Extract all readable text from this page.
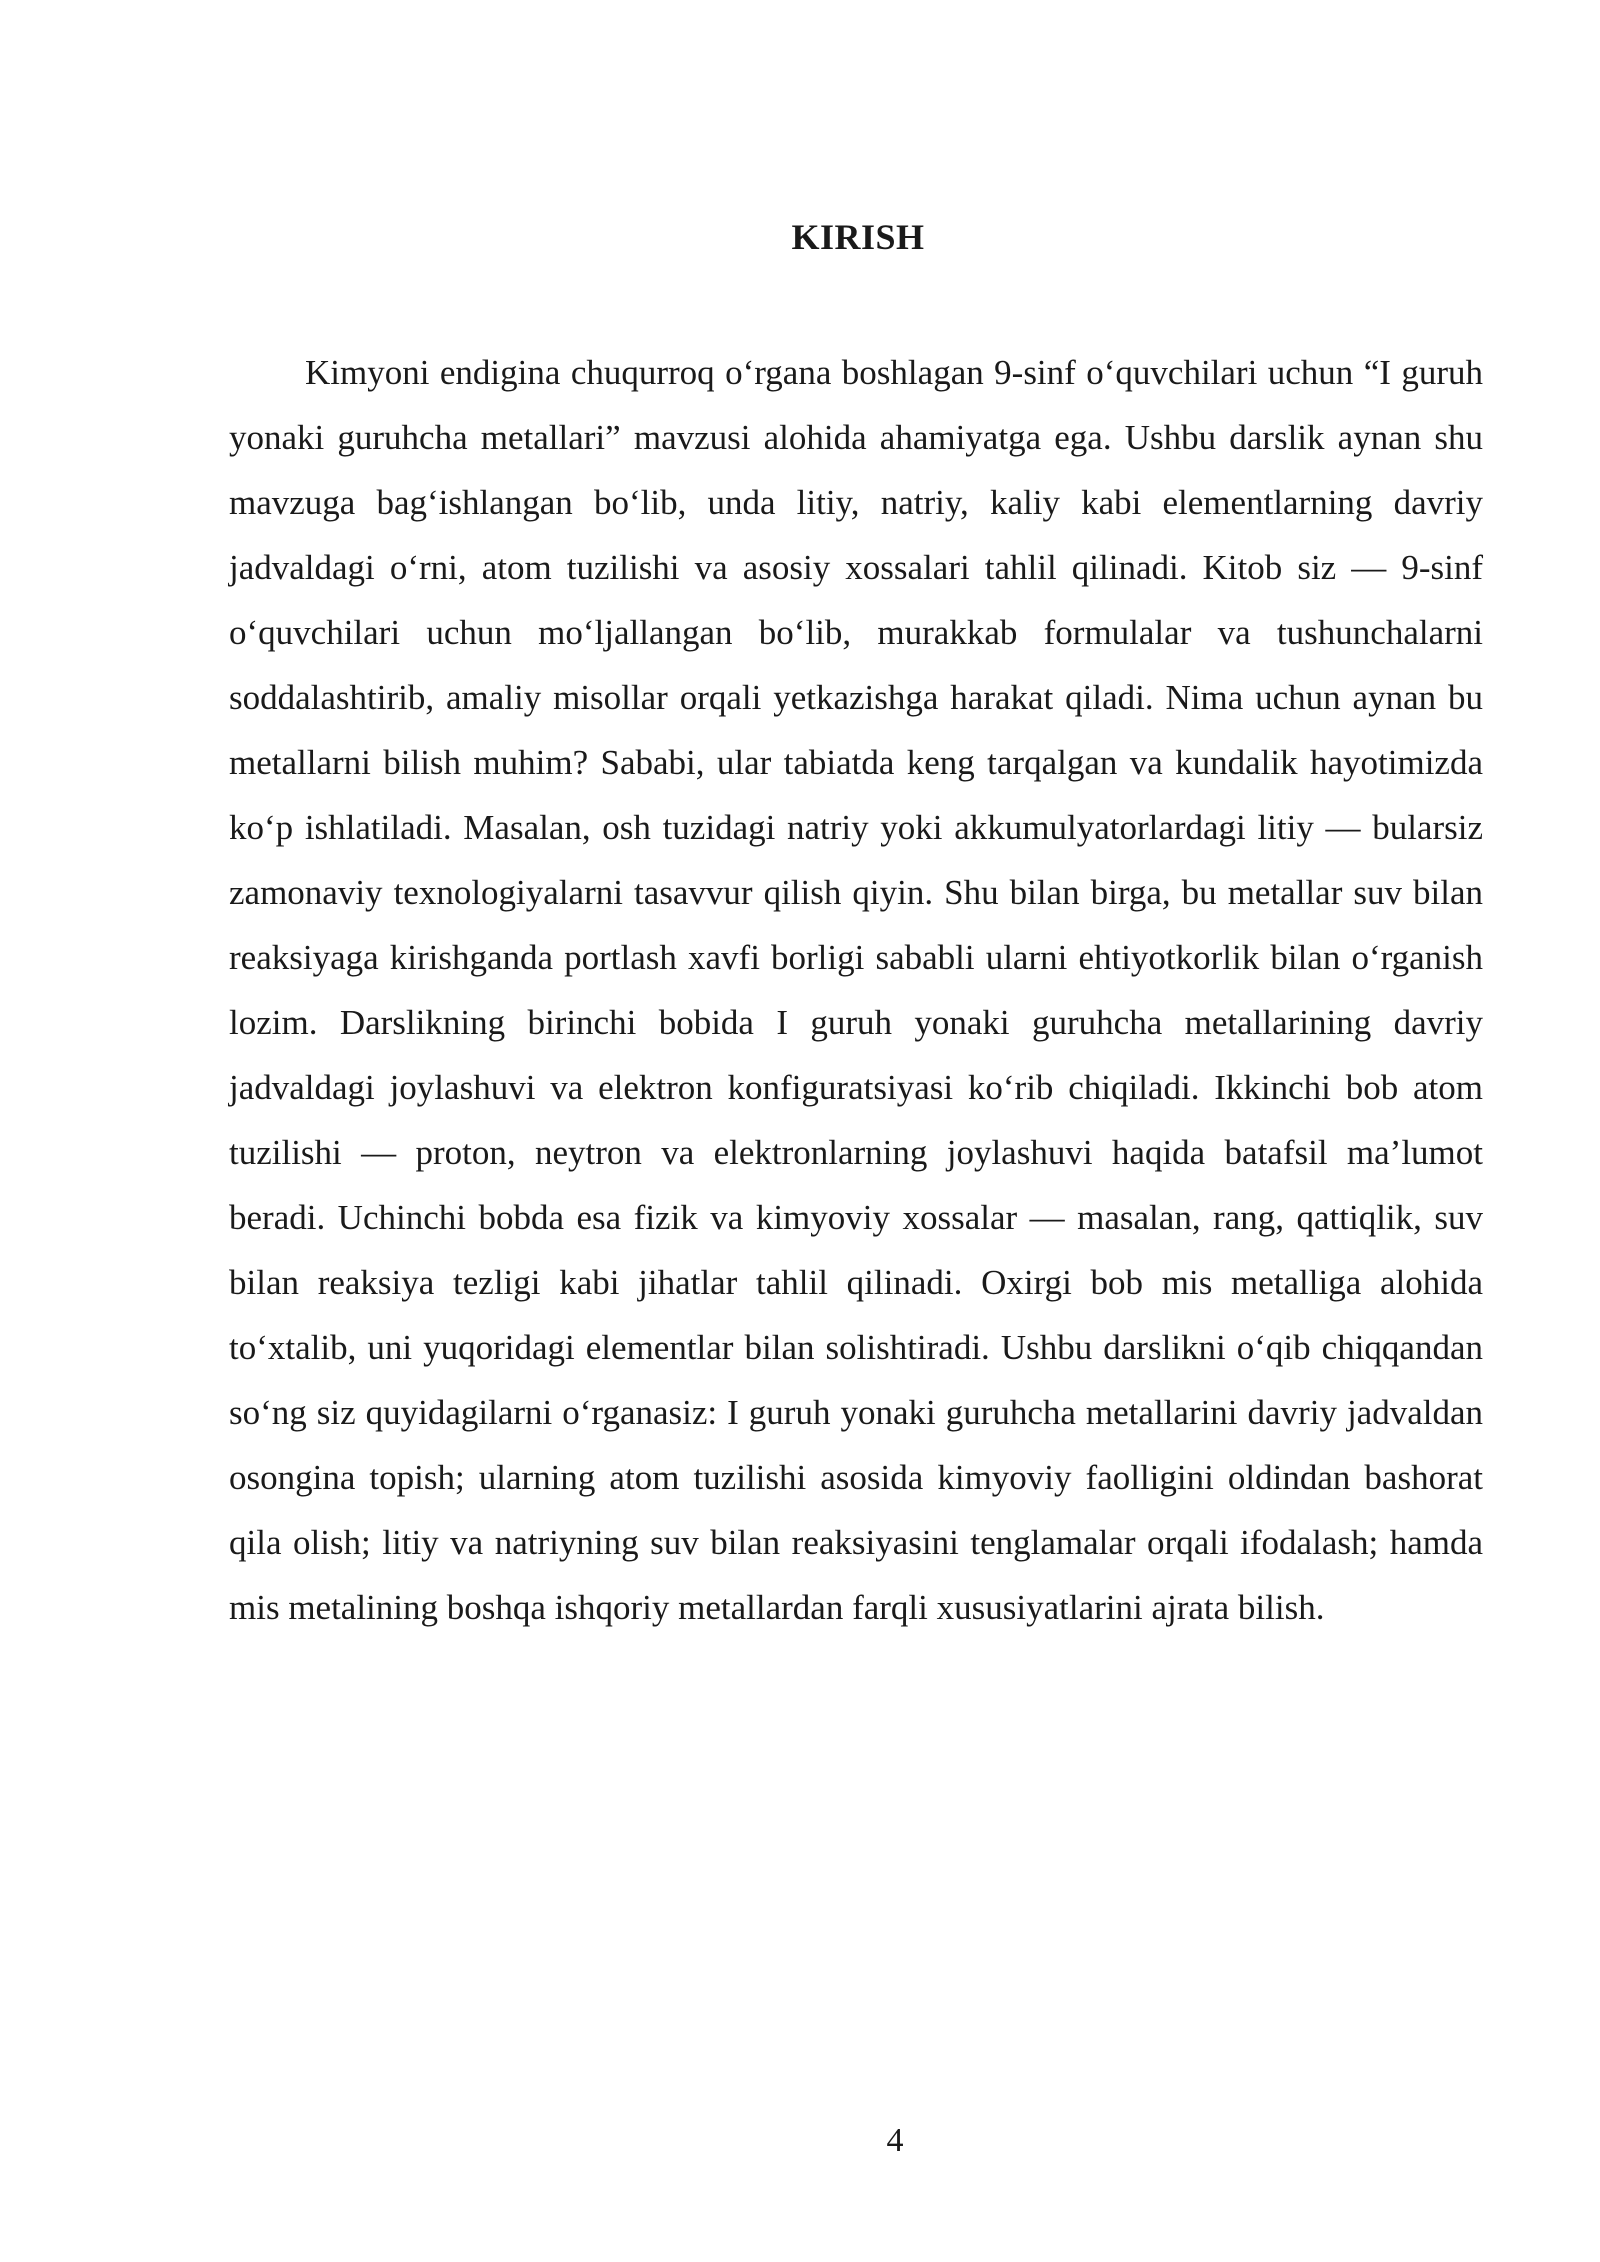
KIRISH

Kimyoni endigina chuqurroq o‘rgana boshlagan 9-sinf o‘quvchilari uchun “I guruh yonaki guruhcha metallari” mavzusi alohida ahamiyatga ega. Ushbu darslik aynan shu mavzuga bag‘ishlangan bo‘lib, unda litiy, natriy, kaliy kabi elementlarning davriy jadvaldagi o‘rni, atom tuzilishi va asosiy xossalari tahlil qilinadi. Kitob siz — 9-sinf o‘quvchilari uchun mo‘ljallangan bo‘lib, murakkab formulalar va tushunchalarni soddalashtirib, amaliy misollar orqali yetkazishga harakat qiladi. Nima uchun aynan bu metallarni bilish muhim? Sababi, ular tabiatda keng tarqalgan va kundalik hayotimizda ko‘p ishlatiladi. Masalan, osh tuzidagi natriy yoki akkumulyatorlardagi litiy — bularsiz zamonaviy texnologiyalarni tasavvur qilish qiyin. Shu bilan birga, bu metallar suv bilan reaksiyaga kirishganda portlash xavfi borligi sababli ularni ehtiyotkorlik bilan o‘rganish lozim. Darslikning birinchi bobida I guruh yonaki guruhcha metallarining davriy jadvaldagi joylashuvi va elektron konfiguratsiyasi ko‘rib chiqiladi. Ikkinchi bob atom tuzilishi — proton, neytron va elektronlarning joylashuvi haqida batafsil ma’lumot beradi. Uchinchi bobda esa fizik va kimyoviy xossalar — masalan, rang, qattiqlik, suv bilan reaksiya tezligi kabi jihatlar tahlil qilinadi. Oxirgi bob mis metalliga alohida to‘xtalib, uni yuqoridagi elementlar bilan solishtiradi. Ushbu darslikni o‘qib chiqqandan so‘ng siz quyidagilarni o‘rganasiz: I guruh yonaki guruhcha metallarini davriy jadvaldan osongina topish; ularning atom tuzilishi asosida kimyoviy faolligini oldindan bashorat qila olish; litiy va natriyning suv bilan reaksiyasini tenglamalar orqali ifodalash; hamda mis metalining boshqa ishqoriy metallardan farqli xususiyatlarini ajrata bilish.

4
